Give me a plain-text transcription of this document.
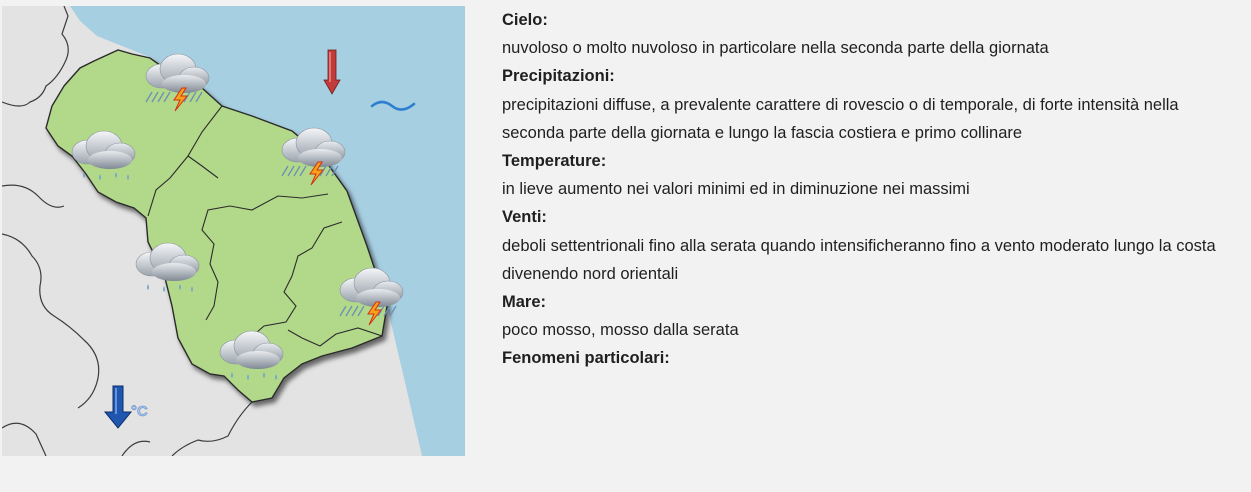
°C
Cielo:
nuvoloso o molto nuvoloso in particolare nella seconda parte della giornata
Precipitazioni:
precipitazioni diffuse, a prevalente carattere di rovescio o di temporale, di forte intensità nella seconda parte della giornata e lungo la fascia costiera e primo collinare
Temperature:
in lieve aumento nei valori minimi ed in diminuzione nei massimi
Venti:
deboli settentrionali fino alla serata quando intensificheranno fino a vento moderato lungo la costa divenendo nord orientali
Mare:
poco mosso, mosso dalla serata
Fenomeni particolari:
